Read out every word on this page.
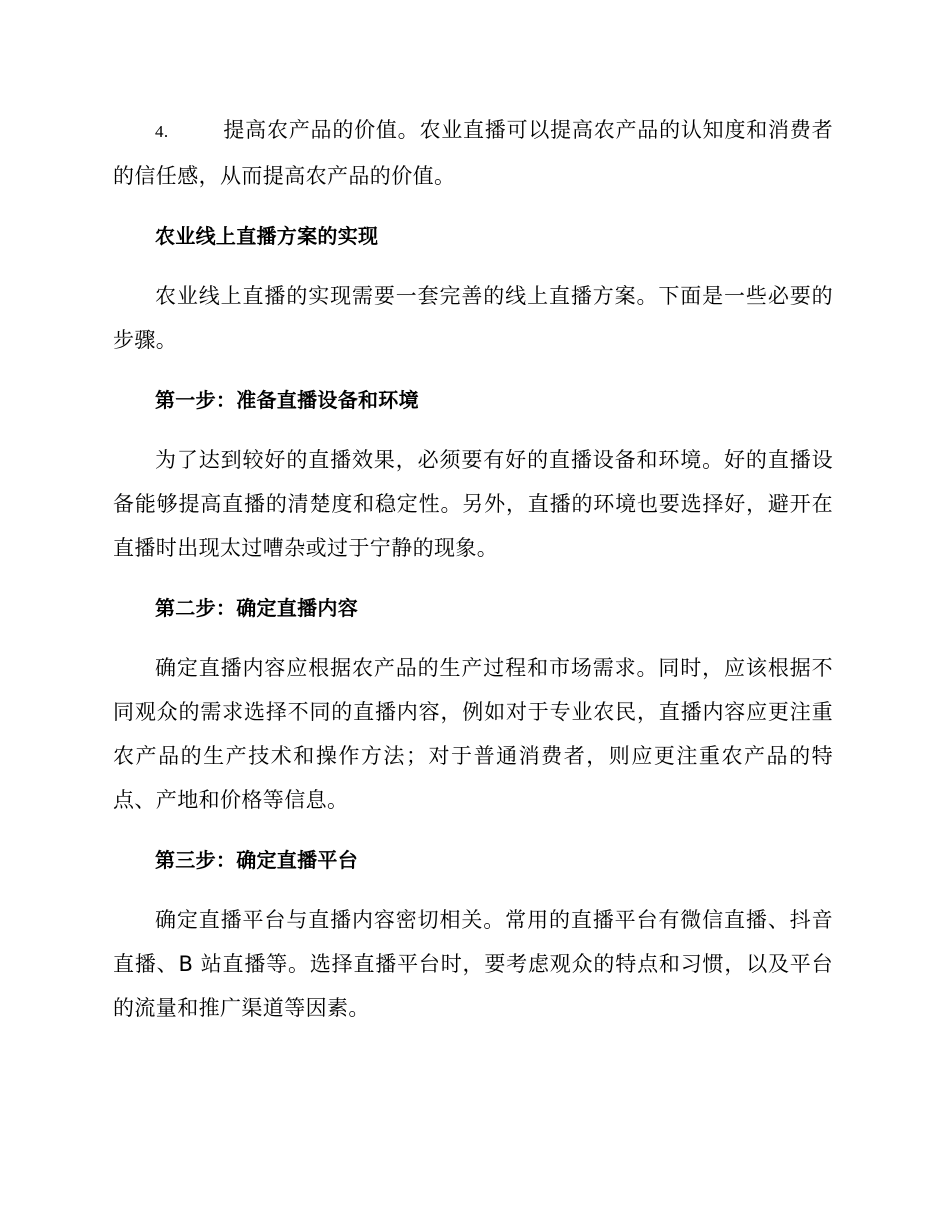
4.	提高农产品的价值。农业直播可以提高农产品的认知度和消费者的信任感，从而提高农产品的价值。

农业线上直播方案的实现

农业线上直播的实现需要一套完善的线上直播方案。下面是一些必要的步骤。

第一步：准备直播设备和环境

为了达到较好的直播效果，必须要有好的直播设备和环境。好的直播设备能够提高直播的清楚度和稳定性。另外，直播的环境也要选择好，避开在直播时出现太过嘈杂或过于宁静的现象。

第二步：确定直播内容

确定直播内容应根据农产品的生产过程和市场需求。同时，应该根据不同观众的需求选择不同的直播内容，例如对于专业农民，直播内容应更注重农产品的生产技术和操作方法；对于普通消费者，则应更注重农产品的特点、产地和价格等信息。

第三步：确定直播平台

确定直播平台与直播内容密切相关。常用的直播平台有微信直播、抖音直播、B 站直播等。选择直播平台时，要考虑观众的特点和习惯，以及平台的流量和推广渠道等因素。
